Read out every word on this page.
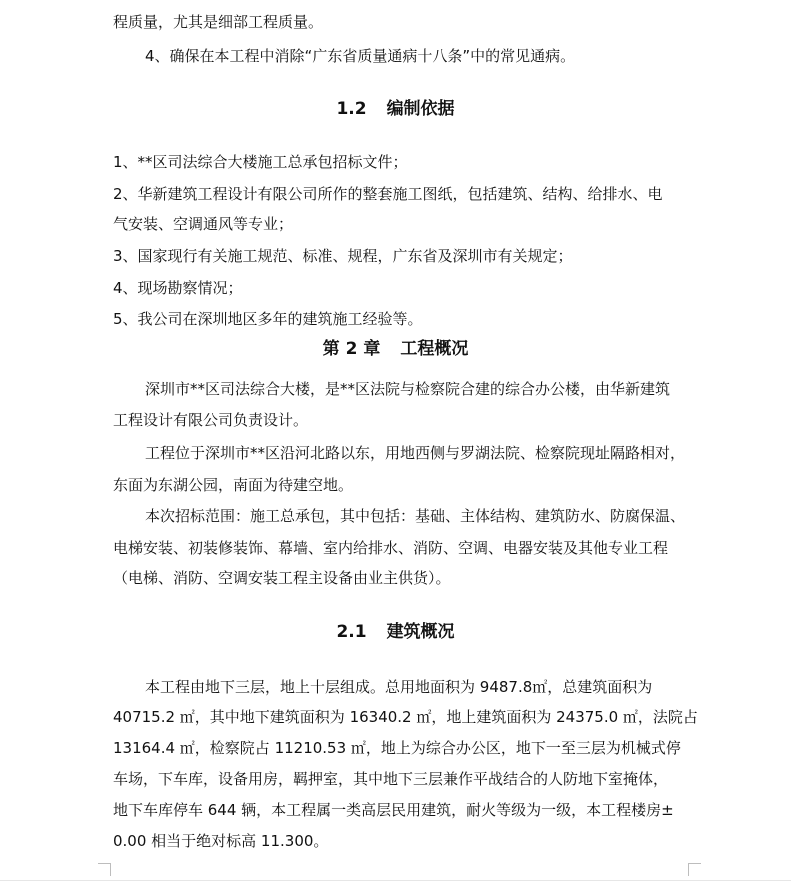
程质量，尤其是细部工程质量。
4、确保在本工程中消除“广东省质量通病十八条”中的常见通病。
1.2 编制依据
1、**区司法综合大楼施工总承包招标文件；
2、华新建筑工程设计有限公司所作的整套施工图纸，包括建筑、结构、给排水、电
气安装、空调通风等专业；
3、国家现行有关施工规范、标准、规程，广东省及深圳市有关规定；
4、现场勘察情况；
5、我公司在深圳地区多年的建筑施工经验等。
第 2 章 工程概况
深圳市**区司法综合大楼，是**区法院与检察院合建的综合办公楼，由华新建筑
工程设计有限公司负责设计。
工程位于深圳市**区沿河北路以东，用地西侧与罗湖法院、检察院现址隔路相对，
东面为东湖公园，南面为待建空地。
本次招标范围：施工总承包，其中包括：基础、主体结构、建筑防水、防腐保温、
电梯安装、初装修装饰、幕墙、室内给排水、消防、空调、电器安装及其他专业工程
（电梯、消防、空调安装工程主设备由业主供货）。
2.1 建筑概况
本工程由地下三层，地上十层组成。总用地面积为 9487.8㎡，总建筑面积为
40715.2 ㎡，其中地下建筑面积为 16340.2 ㎡，地上建筑面积为 24375.0 ㎡，法院占
13164.4 ㎡，检察院占 11210.53 ㎡，地上为综合办公区，地下一至三层为机械式停
车场，下车库，设备用房，羁押室，其中地下三层兼作平战结合的人防地下室掩体，
地下车库停车 644 辆，本工程属一类高层民用建筑，耐火等级为一级，本工程楼房±
0.00 相当于绝对标高 11.300。
